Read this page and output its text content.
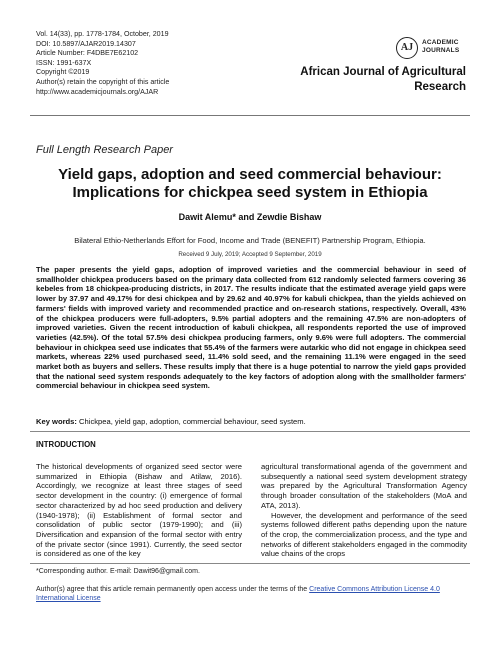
Vol. 14(33), pp. 1778-1784, October, 2019
DOI: 10.5897/AJAR2019.14307
Article Number: F4DBE7E62102
ISSN: 1991-637X
Copyright ©2019
Author(s) retain the copyright of this article
http://www.academicjournals.org/AJAR
AJ	ACADEMIC
JOURNALS
African Journal of Agricultural
Research
Full Length Research Paper
Yield gaps, adoption and seed commercial behaviour:
Implications for chickpea seed system in Ethiopia
Dawit Alemu* and Zewdie Bishaw
Bilateral Ethio-Netherlands Effort for Food, Income and Trade (BENEFIT) Partnership Program, Ethiopia.
Received 9 July, 2019; Accepted 9 September, 2019
The paper presents the yield gaps, adoption of improved varieties and the commercial behaviour in seed of smallholder chickpea producers based on the primary data collected from 612 randomly selected farmers covering 36 kebeles from 18 chickpea-producing districts, in 2017. The results indicate that the estimated average yield gaps were lower by 37.97 and 49.17% for desi chickpea and by 29.62 and 40.97% for kabuli chickpea, than the yields achieved on farmers' fields with improved variety and recommended practice and on-research stations, respectively. Overall, 43% of the chickpea producers were full-adopters, 9.5% partial adopters and the remaining 47.5% are non-adopters of improved varieties. Given the recent introduction of kabuli chickpea, all respondents reported the use of improved varieties (42.5%). Of the total 57.5% desi chickpea producing farmers, only 9.6% were full adopters. The commercial behaviour in chickpea seed use indicates that 55.4% of the farmers were autarkic who did not engage in chickpea seed markets, whereas 22% used purchased seed, 11.4% sold seed, and the remaining 11.1% were engaged in the seed market both as buyers and sellers. These results imply that there is a huge potential to narrow the yield gaps provided that the national seed system responds adequately to the key factors of adoption along with the smallholder farmers' commercial behaviour in chickpea seed system.
Key words: Chickpea, yield gap, adoption, commercial behaviour, seed system.
INTRODUCTION

The historical developments of organized seed sector were summarized in Ethiopia (Bishaw and Atilaw, 2016). Accordingly, we recognize at least three stages of seed sector development in the country: (i) emergence of formal sector characterized by ad hoc seed production and delivery (1940-1978); (ii) Establishment of formal sector and consolidation of public sector (1979-1990); and (iii) Diversification and expansion of the formal sector with entry of the private sector (since 1991). Currently, the seed sector is considered as one of the key

agricultural transformational agenda of the government and subsequently a national seed system development strategy was prepared by the Agricultural Transformation Agency through broader consultation of the stakeholders (MoA and ATA, 2013).

However, the development and performance of the seed systems followed different paths depending upon the nature of the crop, the commercialization process, and the type and networks of different stakeholders engaged in the commodity value chains of the crops

*Corresponding author. E-mail: Dawit96@gmail.com.
Author(s) agree that this article remain permanently open access under the terms of the Creative Commons Attribution License 4.0 International License
